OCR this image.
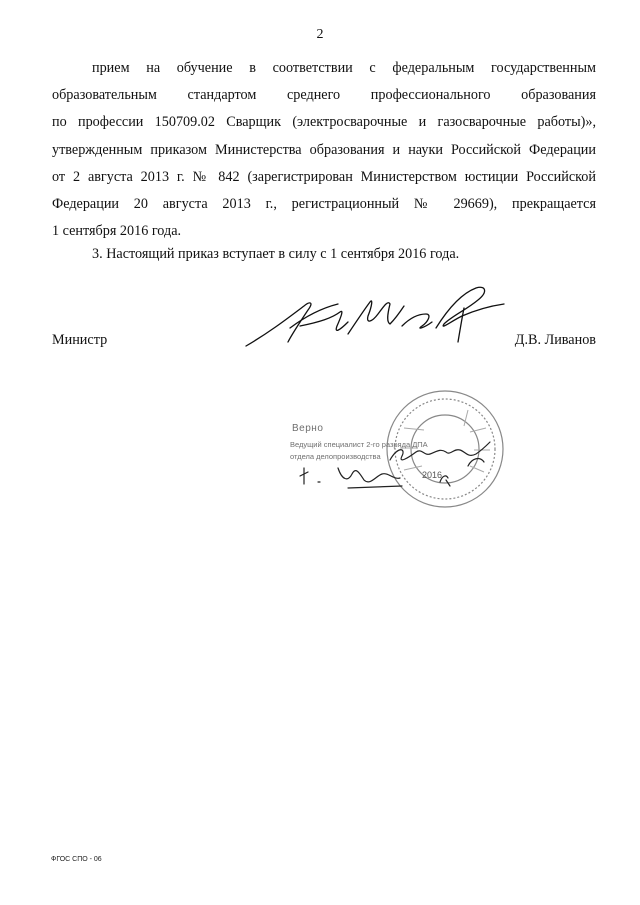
2
прием на обучение в соответствии с федеральным государственным
образовательным стандартом среднего профессионального образования
по профессии 150709.02 Сварщик (электросварочные и газосварочные работы)»,
утвержденным приказом Министерства образования и науки Российской Федерации
от 2 августа 2013 г. № 842 (зарегистрирован Министерством юстиции Российской
Федерации 20 августа 2013 г., регистрационный № 29669), прекращается
1 сентября 2016 года.
3. Настоящий приказ вступает в силу с 1 сентября 2016 года.
Министр	Д.В. Ливанов
Верно
Ведущий специалист 2-го разряда ДПА
отдела делопроизводства
2016
ФГОС СПО - 06
